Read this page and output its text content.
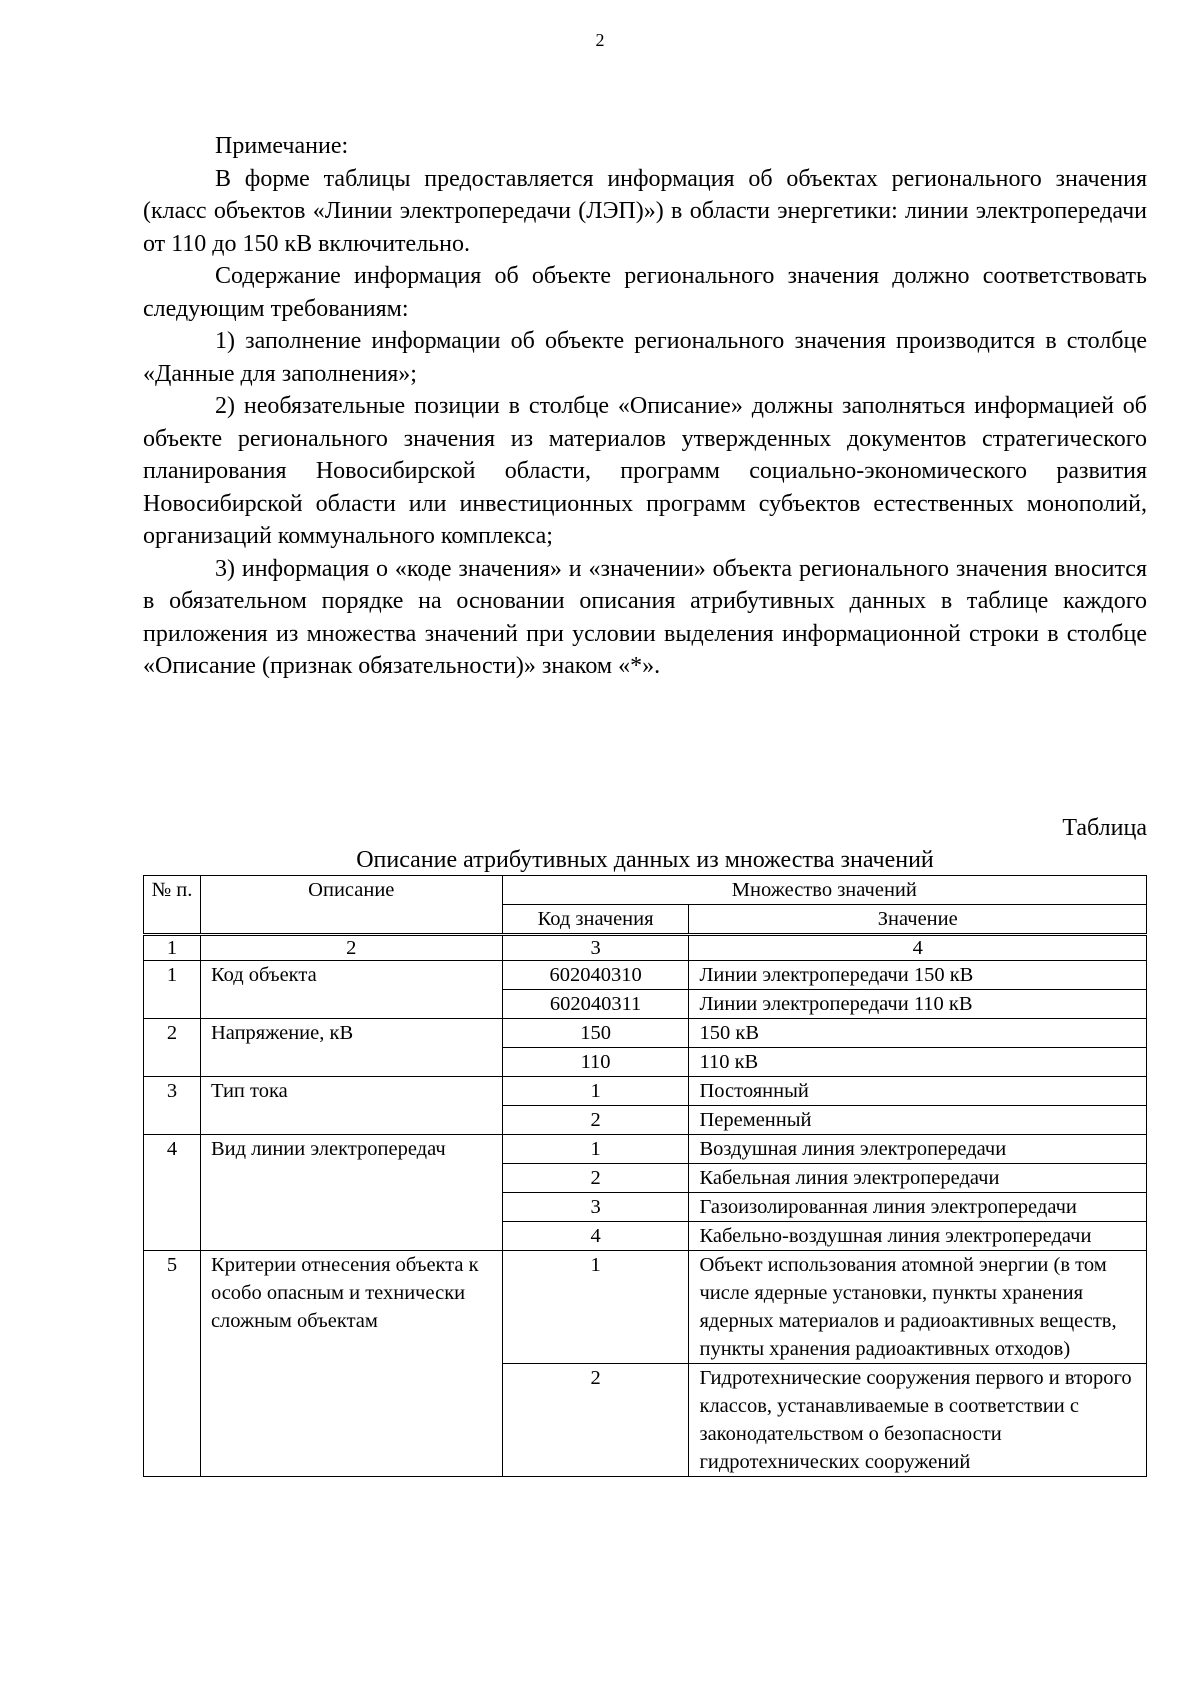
2

Примечание:

В форме таблицы предоставляется информация об объектах регионального значения (класс объектов «Линии электропередачи (ЛЭП)») в области энергетики: линии электропередачи от 110 до 150 кВ включительно.

Содержание информация об объекте регионального значения должно соответствовать следующим требованиям:

1) заполнение информации об объекте регионального значения производится в столбце «Данные для заполнения»;

2) необязательные позиции в столбце «Описание» должны заполняться информацией об объекте регионального значения из материалов утвержденных документов стратегического планирования Новосибирской области, программ социально-экономического развития Новосибирской области или инвестиционных программ субъектов естественных монополий, организаций коммунального комплекса;

3) информация о «коде значения» и «значении» объекта регионального значения вносится в обязательном порядке на основании описания атрибутивных данных в таблице каждого приложения из множества значений при условии выделения информационной строки в столбце «Описание (признак обязательности)» знаком «*».

Таблица
Описание атрибутивных данных из множества значений
№ п.	Описание	Множество значений	
		Код значения	Значение
1	2	3	4
1	Код объекта	602040310	Линии электропередачи 150 кВ
		602040311	Линии электропередачи 110 кВ
2	Напряжение, кВ	150	150 кВ
		110	110 кВ
3	Тип тока	1	Постоянный
		2	Переменный
4	Вид линии электропередач	1	Воздушная линия электропередачи
		2	Кабельная линия электропередачи
		3	Газоизолированная линия электропередачи
		4	Кабельно-воздушная линия электропередачи
5	Критерии отнесения объекта к особо опасным и технически сложным объектам	1	Объект использования атомной энергии (в том числе ядерные установки, пункты хранения ядерных материалов и радиоактивных веществ, пункты хранения радиоактивных отходов)
		2	Гидротехнические сооружения первого и второго классов, устанавливаемые в соответствии с законодательством о безопасности гидротехнических сооружений
